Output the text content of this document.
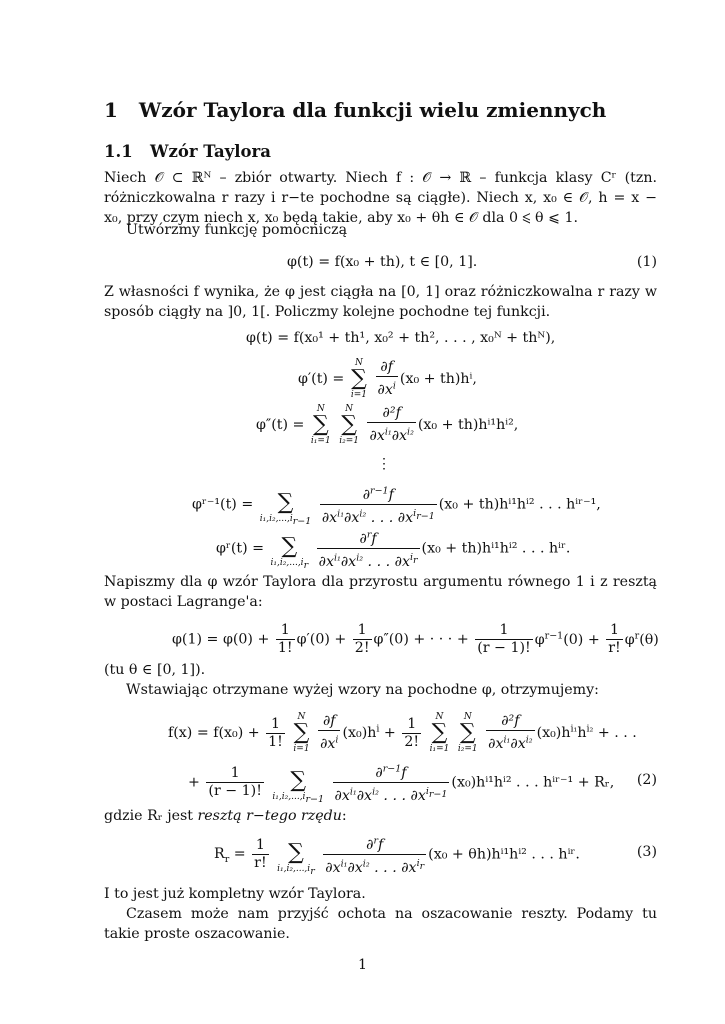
1 Wzór Taylora dla funkcji wielu zmiennych
1.1 Wzór Taylora
Niech 𝒪 ⊂ ℝᴺ – zbiór otwarty. Niech f : 𝒪 → ℝ – funkcja klasy Cʳ (tzn. różniczkowalna r razy i r−te pochodne są ciągłe). Niech x, x₀ ∈ 𝒪, h = x − x₀, przy czym niech x, x₀ będą takie, aby x₀ + θh ∈ 𝒪 dla 0 ⩽ θ ⩽ 1.
Utwórzmy funkcję pomocniczą
φ(t) = f(x₀ + th), t ∈ [0, 1].	(1)
Z własności f wynika, że φ jest ciągła na [0, 1] oraz różniczkowalna r razy w sposób ciągły na ]0, 1[. Policzmy kolejne pochodne tej funkcji.
φ(t) = f(x₀¹ + th¹, x₀² + th², . . . , x₀ᴺ + thᴺ),
φ′(t) =
N
∑
i=1
$\frac{\partial f}{\partial x^i} (x_0 + th)h^i$,
φ″(t) =
N
∑
i₁=1

N
∑
i₂=1
$\frac{\text{∂²f}}{\partial x^{i_1}\partial x^{i_2}} (x_0 + th)h^{i1}h^{i2}$,
⋮
φʳ⁻¹(t) =
	∑
$i_1,i_2,...,i_{r-1}$
$\frac{\partial^{r-1}f}{\partial x^{i_1}\partial x^{i_2} . . . \partial x^{i_{r-1}}} (x_0 + th)h^{i1}h^{i2}$ . . . hⁱʳ⁻¹,
φʳ(t) =
∑
$i_1,i_2,...,i_r$
$\frac{\partial^rf}{\partial x^{i_1}\partial x^{i_2} . . . \partial x^{i_r}} (x_0 + th)h^{i1}h^{i2}$ . . . hⁱʳ.
Napiszmy dla φ wzór Taylora dla przyrostu argumentu równego 1 i z resztą w postaci Lagrange'a:
$\varphi(1) = \varphi(0) + \frac{1}{1!} \varphi'(0) + \frac{1}{2!} \varphi''(0)$ + · · · + $\frac{1}{(r - 1)!} \varphi^{r-1}(0) + \frac{1}{r!} \varphi^r(\theta)$
(tu θ ∈ [0, 1]).
Wstawiając otrzymane wyżej wzory na pochodne φ, otrzymujemy:
$f(x) = f(x_0) + \frac{1}{1!}$
	N
∑
i=1
$\frac{\partial f}{\partial x^i} (x_0)h^i + \frac{1}{2!}$
	N
∑
i₁=1

N
∑
i₂=1
$\frac{\text{∂²f}}{\partial x^{i_1}\partial x^{i_2}} (x_0)h^{i_1}h^{i_2}$ + . . .
+ $\frac{1}{(r - 1)!}$

	∑
$i_1,i_2,...,i_{r-1}$
$\frac{\partial^{r-1}f}{\partial x^{i_1}\partial x^{i_2} . . . \partial x^{i_{r-1}}} (x_0)h^{i1}h^{i2}$ . . . hⁱʳ⁻¹ + Rᵣ, (2)
gdzie Rᵣ jest resztą r−tego rzędu:
$R_r = \frac{1}{r!}$

∑
$i_1,i_2,...,i_r$
$\frac{\partial^rf}{\partial x^{i_1}\partial x^{i_2} . . . \partial x^{i_r}} (x_0 + \theta h)h^{i1}h^{i2}$ . . . hⁱʳ.	(3)
I to jest już kompletny wzór Taylora.
Czasem może nam przyjść ochota na oszacowanie reszty. Podamy tu takie proste oszacowanie.
1
